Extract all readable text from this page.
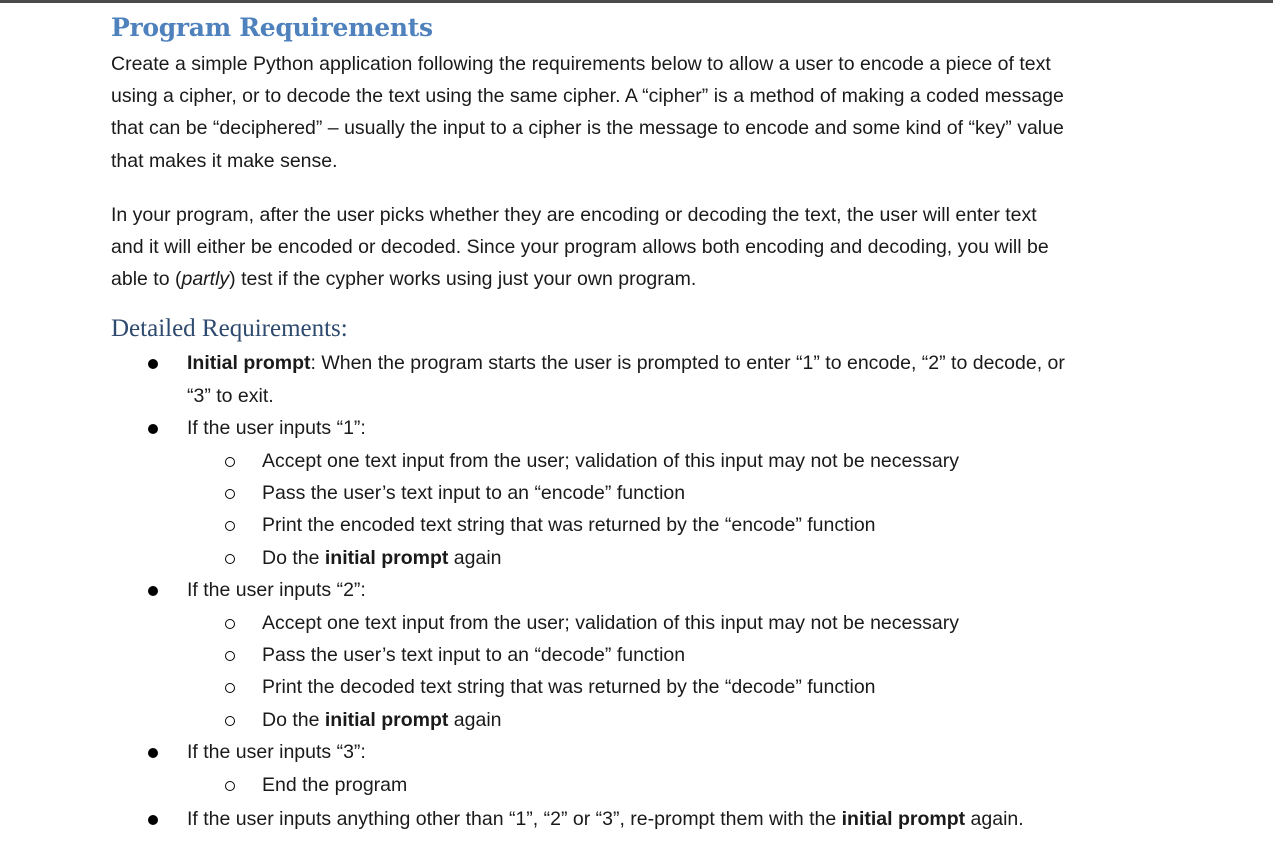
Program Requirements

Create a simple Python application following the requirements below to allow a user to encode a piece of text

using a cipher, or to decode the text using the same cipher. A “cipher” is a method of making a coded message

that can be “deciphered” – usually the input to a cipher is the message to encode and some kind of “key” value

that makes it make sense.

In your program, after the user picks whether they are encoding or decoding the text, the user will enter text

and it will either be encoded or decoded. Since your program allows both encoding and decoding, you will be

able to (partly) test if the cypher works using just your own program.

Detailed Requirements:
Initial prompt: When the program starts the user is prompted to enter “1” to encode, “2” to decode, or
“3” to exit.
If the user inputs “1”:
Accept one text input from the user; validation of this input may not be necessary
Pass the user’s text input to an “encode” function
Print the encoded text string that was returned by the “encode” function
Do the initial prompt again
If the user inputs “2”:
Accept one text input from the user; validation of this input may not be necessary
Pass the user’s text input to an “decode” function
Print the decoded text string that was returned by the “decode” function
Do the initial prompt again
If the user inputs “3”:
End the program
If the user inputs anything other than “1”, “2” or “3”, re-prompt them with the initial prompt again.
